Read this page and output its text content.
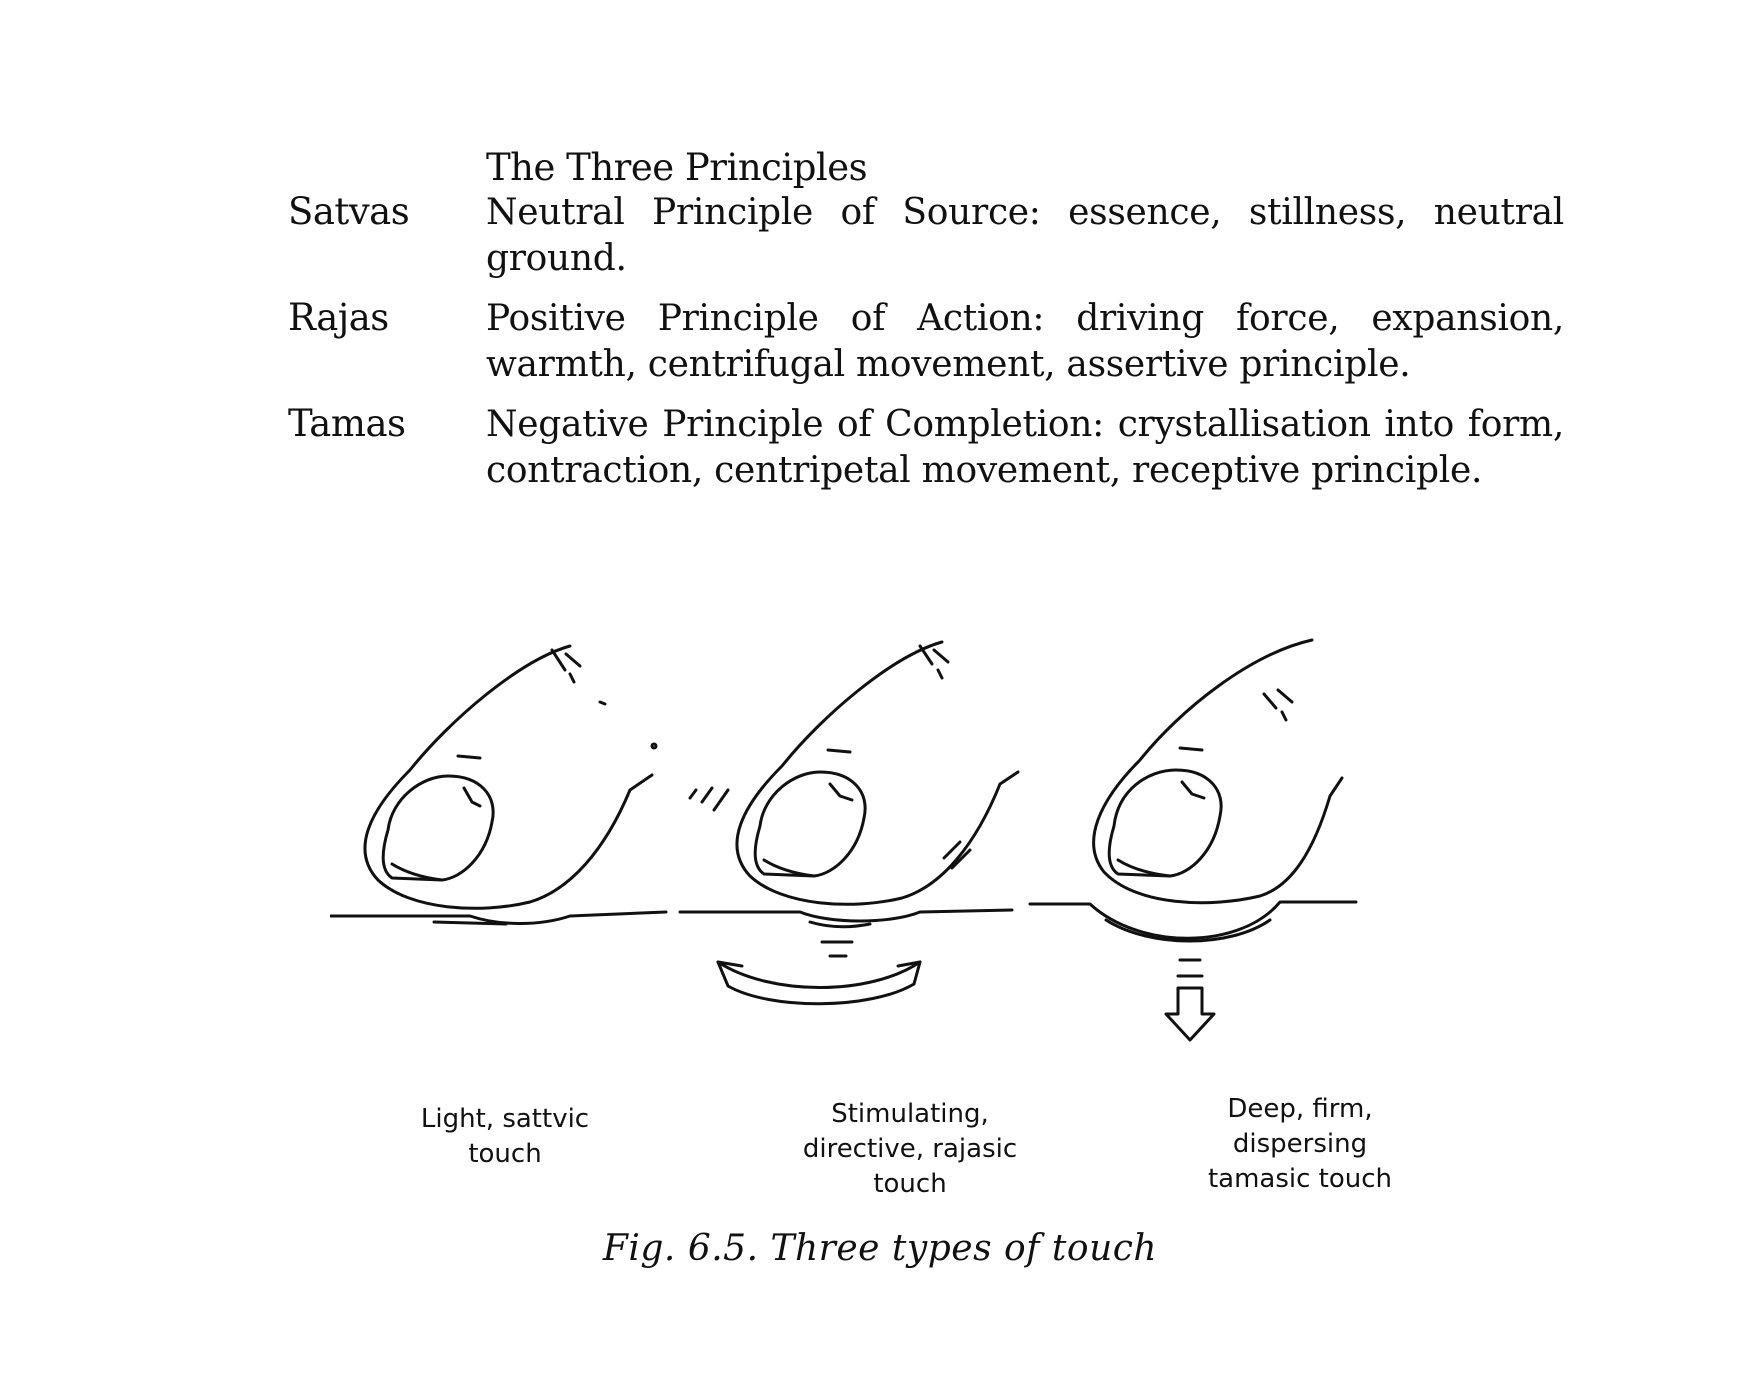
The Three Principles
Satvas Neutral Principle of Source: essence, stillness, neutral ground.
Rajas	Positive Principle of Action: driving force, expansion, warmth, centrifugal movement, assertive principle.
Tamas Negative Principle of Completion: crystallisation into form, contraction, centripetal movement, receptive principle.
Light, sattvic
touch
Stimulating,
directive, rajasic
touch
Deep, firm,
dispersing
tamasic touch
Fig. 6.5. Three types of touch
